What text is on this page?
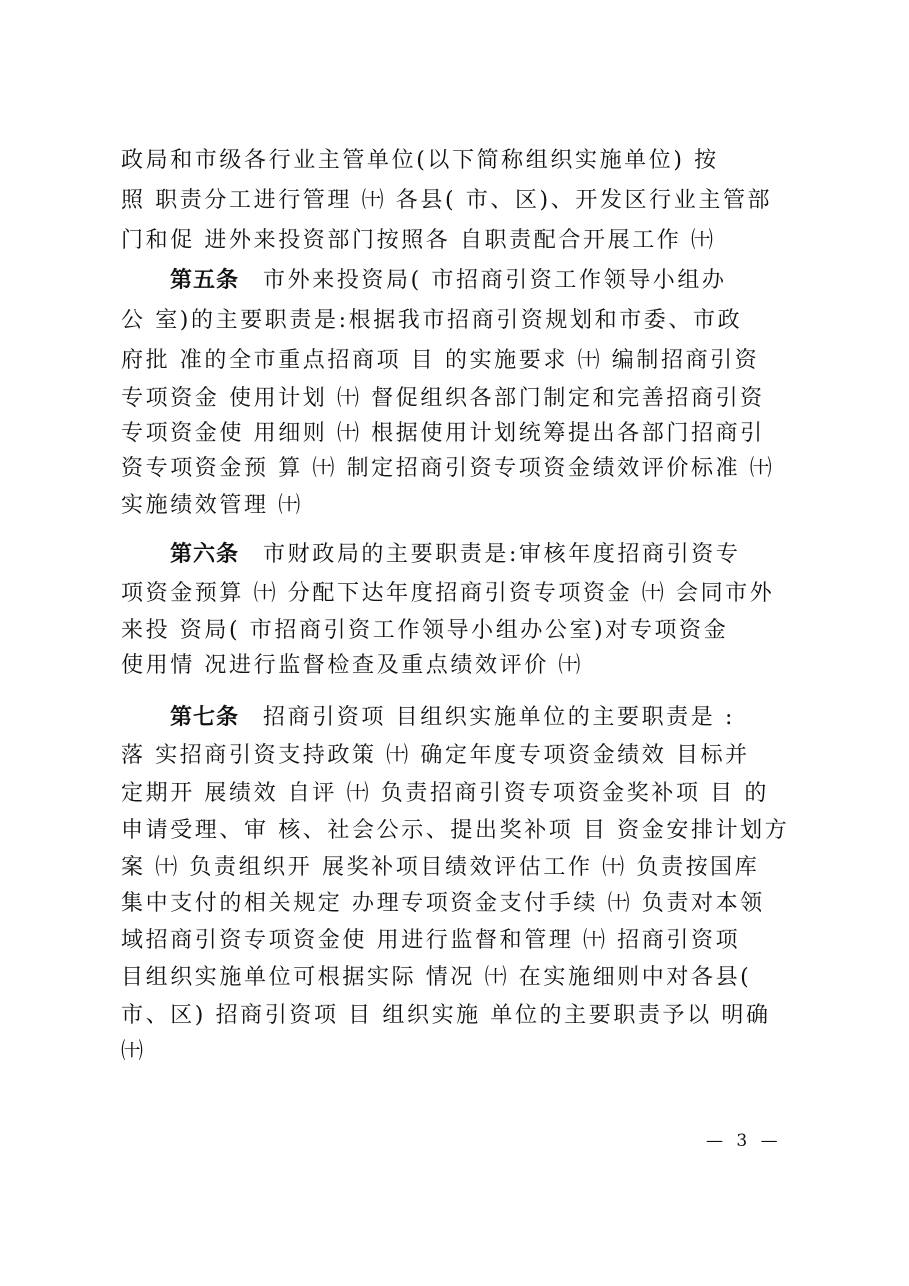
政局和市级各行业主管单位(以下简称组织实施单位) 按
照 职责分工进行管理 ㈩ 各县( 市、区)、开发区行业主管部
门和促 进外来投资部门按照各 自职责配合开展工作 ㈩
第五条 市外来投资局( 市招商引资工作领导小组办
公 室)的主要职责是:根据我市招商引资规划和市委、市政
府批 准的全市重点招商项 目 的实施要求 ㈩ 编制招商引资
专项资金 使用计划 ㈩ 督促组织各部门制定和完善招商引资
专项资金使 用细则 ㈩ 根据使用计划统筹提出各部门招商引
资专项资金预 算 ㈩ 制定招商引资专项资金绩效评价标准 ㈩
实施绩效管理 ㈩
第六条 市财政局的主要职责是:审核年度招商引资专
项资金预算 ㈩ 分配下达年度招商引资专项资金 ㈩ 会同市外
来投 资局( 市招商引资工作领导小组办公室)对专项资金
使用情 况进行监督检查及重点绩效评价 ㈩
第七条 招商引资项 目组织实施单位的主要职责是 :
落 实招商引资支持政策 ㈩ 确定年度专项资金绩效 目标并
定期开 展绩效 自评 ㈩ 负责招商引资专项资金奖补项 目 的
申请受理、审 核、社会公示、提出奖补项 目 资金安排计划方
案 ㈩ 负责组织开 展奖补项目绩效评估工作 ㈩ 负责按国库
集中支付的相关规定 办理专项资金支付手续 ㈩ 负责对本领
域招商引资专项资金使 用进行监督和管理 ㈩ 招商引资项
目组织实施单位可根据实际 情况 ㈩ 在实施细则中对各县(
市、区) 招商引资项 目 组织实施 单位的主要职责予以 明确
㈩
— 3 —
